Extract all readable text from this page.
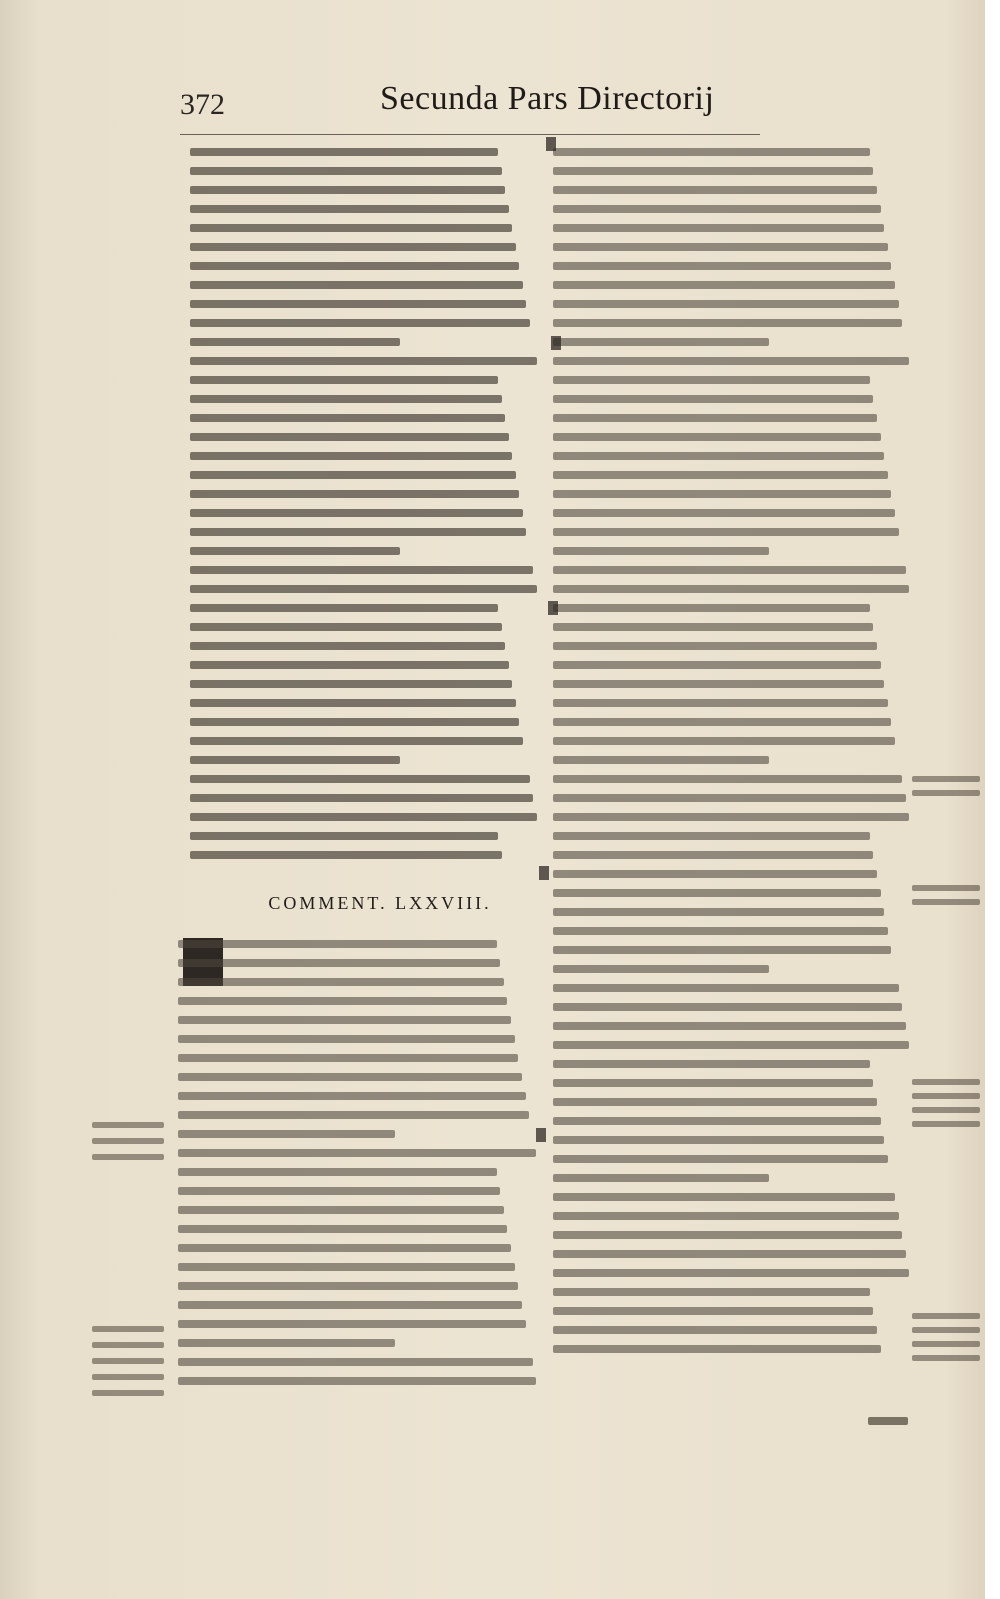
372	Secunda Pars Directorij
COMMENT. LXXVIII.
